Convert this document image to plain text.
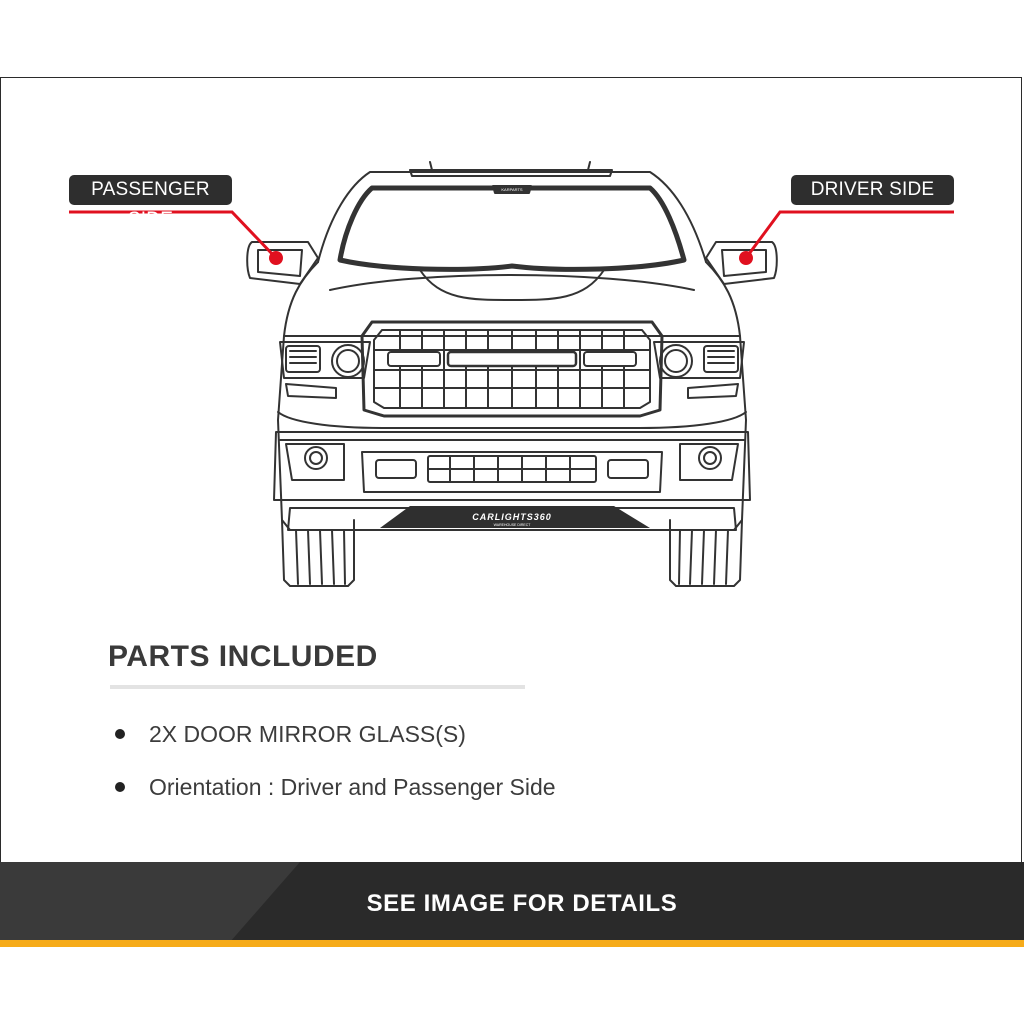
CARLIGHTS360
WAREHOUSE DIRECT
KARPARTS
PASSENGER SIDE
DRIVER SIDE
PARTS INCLUDED
2X DOOR MIRROR GLASS(S)
Orientation : Driver and Passenger Side
SEE IMAGE FOR DETAILS
